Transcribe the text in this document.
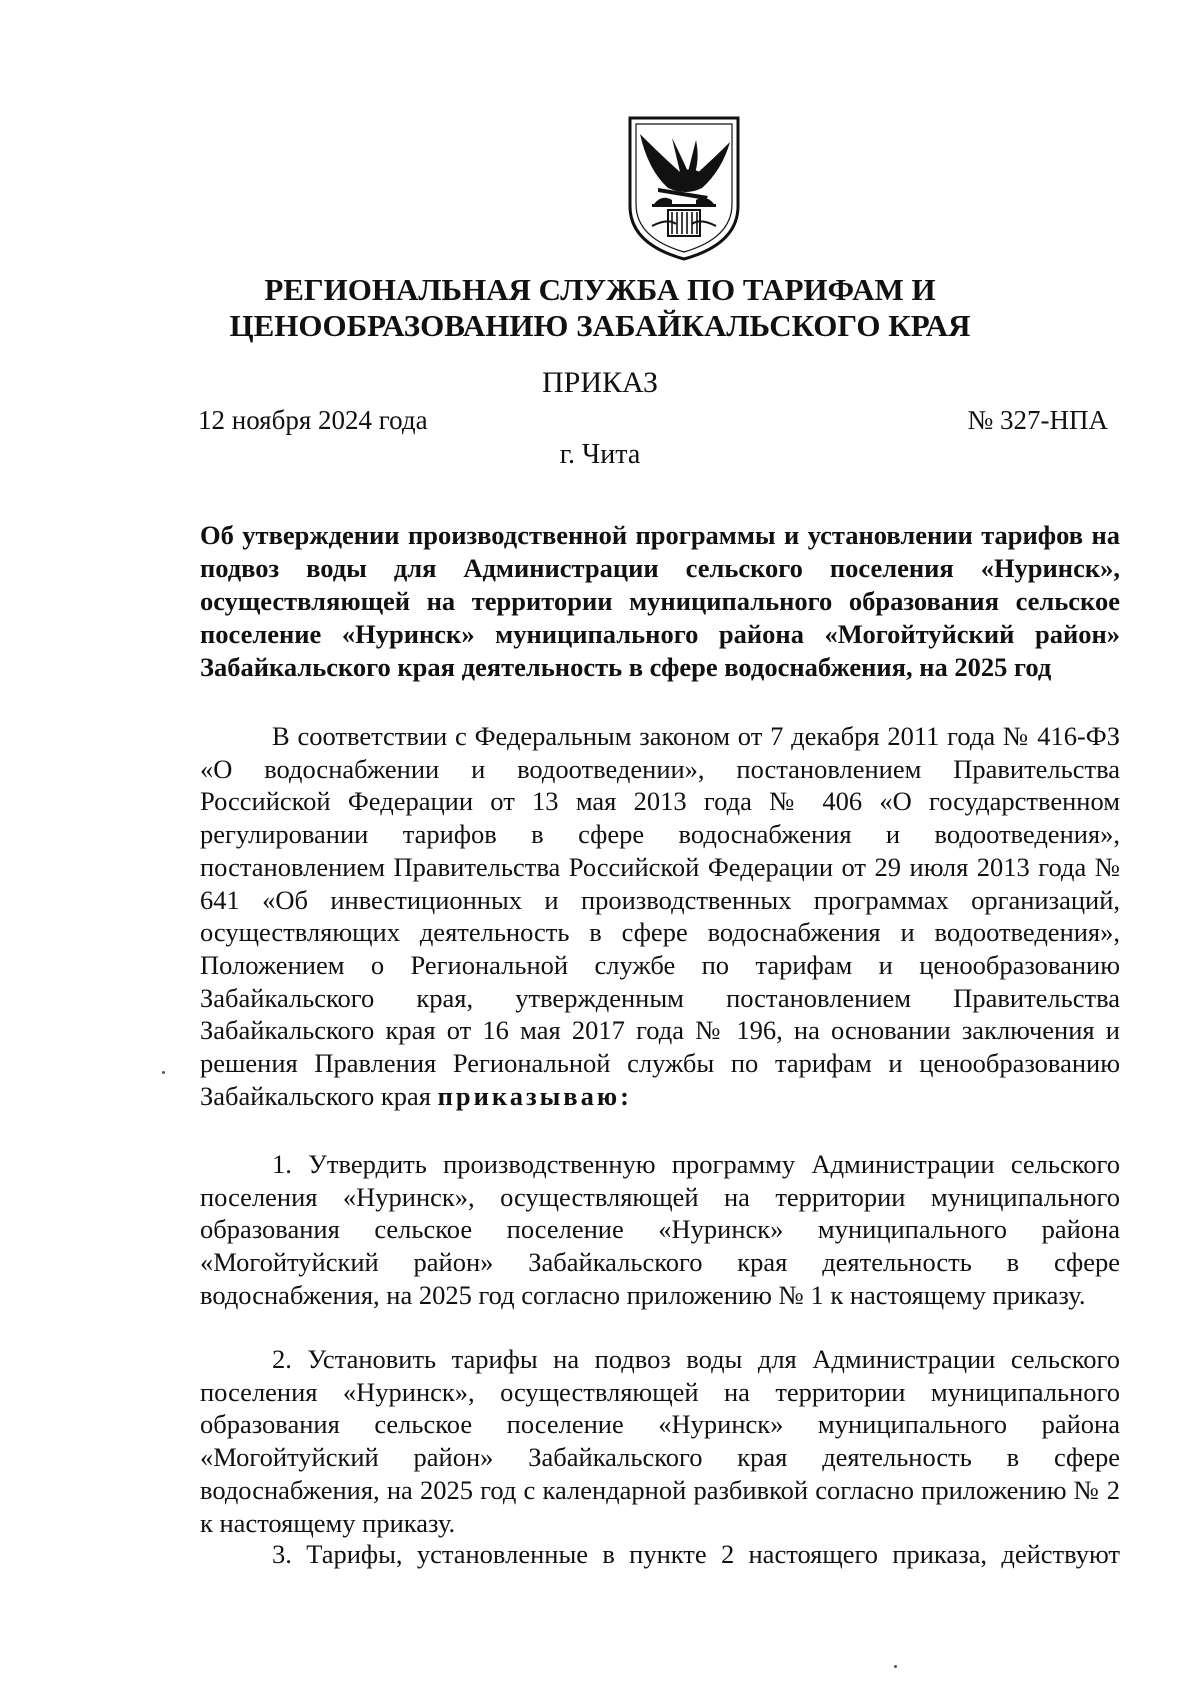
РЕГИОНАЛЬНАЯ СЛУЖБА ПО ТАРИФАМ И
ЦЕНООБРАЗОВАНИЮ ЗАБАЙКАЛЬСКОГО КРАЯ
ПРИКАЗ
12 ноября 2024 года	№ 327-НПА
г. Чита
Об утверждении производственной программы и установлении тарифов на подвоз воды для Администрации сельского поселения «Нуринск», осуществляющей на территории муниципального образования сельское поселение «Нуринск» муниципального района «Могойтуйский район» Забайкальского края деятельность в сфере водоснабжения, на 2025 год

В соответствии с Федеральным законом от 7 декабря 2011 года № 416-ФЗ «О водоснабжении и водоотведении», постановлением Правительства Российской Федерации от 13 мая 2013 года № 406 «О государственном регулировании тарифов в сфере водоснабжения и водоотведения», постановлением Правительства Российской Федерации от 29 июля 2013 года № 641 «Об инвестиционных и производственных программах организаций, осуществляющих деятельность в сфере водоснабжения и водоотведения», Положением о Региональной службе по тарифам и ценообразованию Забайкальского края, утвержденным постановлением Правительства Забайкальского края от 16 мая 2017 года № 196, на основании заключения и решения Правления Региональной службы по тарифам и ценообразованию Забайкальского края приказываю:

1. Утвердить производственную программу Администрации сельского поселения «Нуринск», осуществляющей на территории муниципального образования сельское поселение «Нуринск» муниципального района «Могойтуйский район» Забайкальского края деятельность в сфере водоснабжения, на 2025 год согласно приложению № 1 к настоящему приказу.

2. Установить тарифы на подвоз воды для Администрации сельского поселения «Нуринск», осуществляющей на территории муниципального образования сельское поселение «Нуринск» муниципального района «Могойтуйский район» Забайкальского края деятельность в сфере водоснабжения, на 2025 год с календарной разбивкой согласно приложению № 2 к настоящему приказу.

3. Тарифы, установленные в пункте 2 настоящего приказа, действуют
